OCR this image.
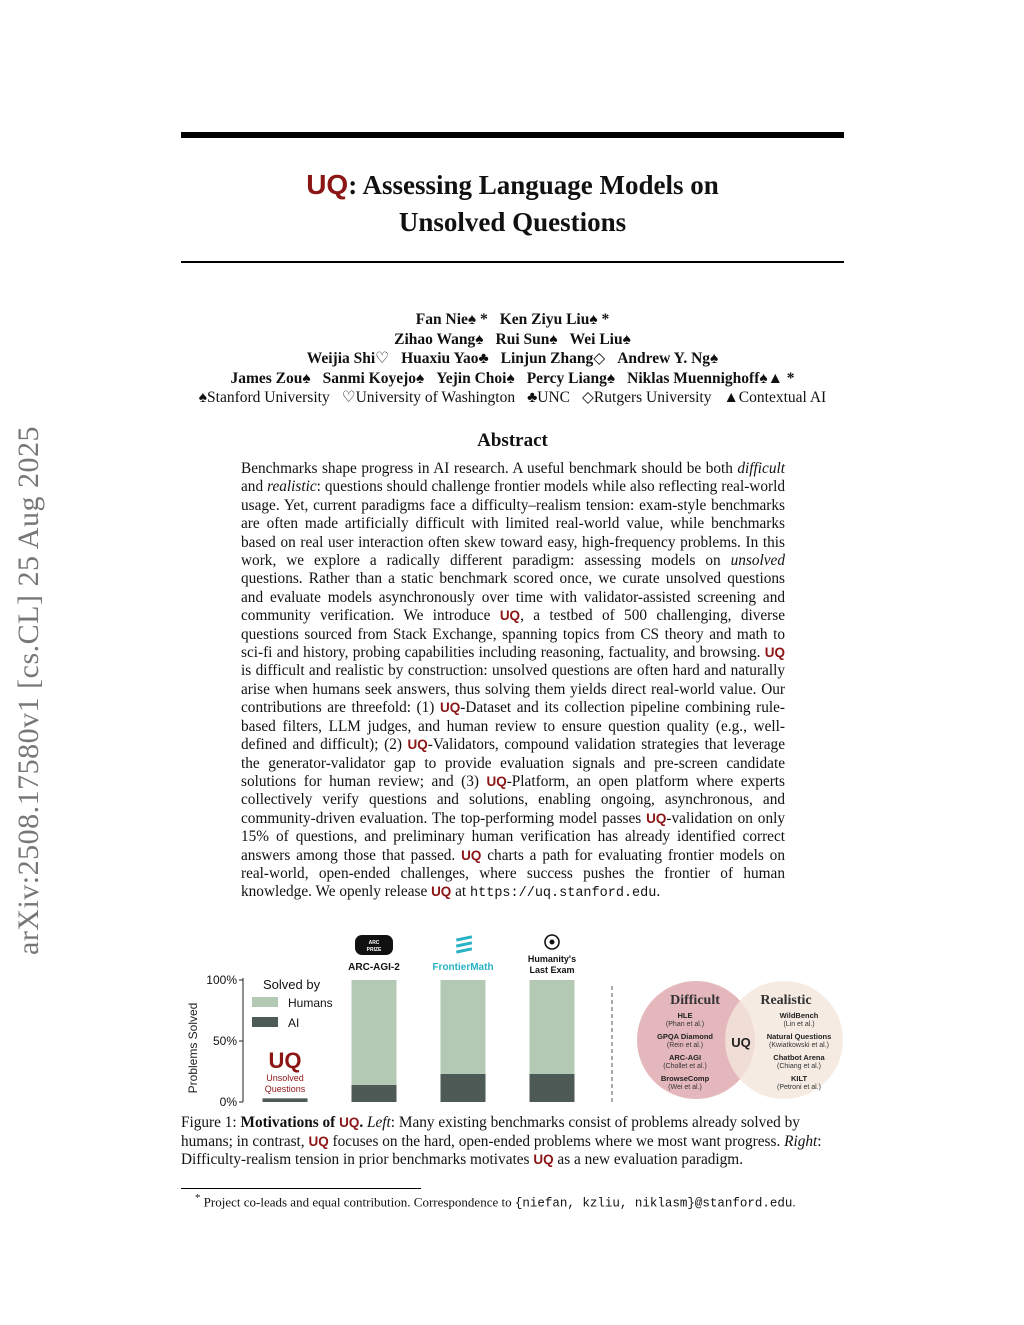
arXiv:2508.17580v1 [cs.CL] 25 Aug 2025
UQ: Assessing Language Models on
Unsolved Questions
Fan Nie♠ * Ken Ziyu Liu♠ *
Zihao Wang♠ Rui Sun♠ Wei Liu♠
Weijia Shi♡ Huaxiu Yao♣ Linjun Zhang◇ Andrew Y. Ng♠
James Zou♠ Sanmi Koyejo♠ Yejin Choi♠ Percy Liang♠ Niklas Muennighoff♠▲ *
♠Stanford University ♡University of Washington ♣UNC ◇Rutgers University ▲Contextual AI
Abstract
Benchmarks shape progress in AI research. A useful benchmark should be both difficult and realistic: questions should challenge frontier models while also reflecting real-world usage. Yet, current paradigms face a difficulty–realism tension: exam-style benchmarks are often made artificially difficult with limited real-world value, while benchmarks based on real user interaction often skew toward easy, high-frequency problems. In this work, we explore a radically different paradigm: assessing models on unsolved questions. Rather than a static benchmark scored once, we curate unsolved questions and evaluate models asynchronously over time with validator-assisted screening and community verification. We introduce UQ, a testbed of 500 challenging, diverse questions sourced from Stack Exchange, spanning topics from CS theory and math to sci-fi and history, probing capabilities including reasoning, factuality, and browsing. UQ is difficult and realistic by construction: unsolved questions are often hard and naturally arise when humans seek answers, thus solving them yields direct real-world value. Our contributions are threefold: (1) UQ-Dataset and its collection pipeline combining rule-based filters, LLM judges, and human review to ensure question quality (e.g., well-defined and difficult); (2) UQ-Validators, compound validation strategies that leverage the generator-validator gap to provide evaluation signals and pre-screen candidate solutions for human review; and (3) UQ-Platform, an open platform where experts collectively verify questions and solutions, enabling ongoing, asynchronous, and community-driven evaluation. The top-performing model passes UQ-validation on only 15% of questions, and preliminary human verification has already identified correct answers among those that passed. UQ charts a path for evaluating frontier models on real-world, open-ended challenges, where success pushes the frontier of human knowledge. We openly release UQ at https://uq.stanford.edu.
Problems Solved
0%
50%
100% Solved by
Humans
AI
UQ
Unsolved
Questions
ARC
PRIZE
ARC-AGI-2	FrontierMath
Humanity's
Last Exam
Difficult	Realistic
UQ
HLE
(Phan et al.)
GPQA Diamond
(Rein et al.)
ARC-AGI
(Chollet et al.)
BrowseComp
(Wei et al.)
WildBench
(Lin et al.)
Natural Questions
(Kwiatkowski et al.)
Chatbot Arena
(Chiang et al.)
KILT
(Petroni et al.)
Figure 1: Motivations of UQ. Left: Many existing benchmarks consist of problems already solved by humans; in contrast, UQ focuses on the hard, open-ended problems where we most want progress. Right: Difficulty-realism tension in prior benchmarks motivates UQ as a new evaluation paradigm.
* Project co-leads and equal contribution. Correspondence to {niefan, kzliu, niklasm}@stanford.edu.
